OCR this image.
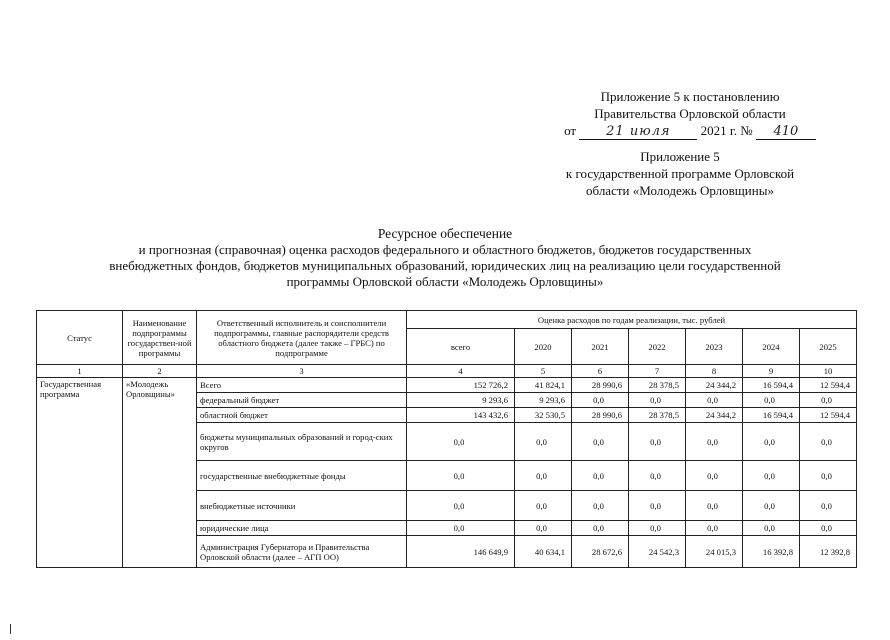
Приложение 5 к постановлению
Правительства Орловской области
от 21 июля 2021 г. № 410
Приложение 5
к государственной программе Орловской
области «Молодежь Орловщины»
Ресурсное обеспечение
и прогнозная (справочная) оценка расходов федерального и областного бюджетов, бюджетов государственных
внебюджетных фондов, бюджетов муниципальных образований, юридических лиц на реализацию цели государственной
программы Орловской области «Молодежь Орловщины»
Статус	Наименование подпрограммы государствен-ной программы	Ответственный исполнитель и соисполнители подпрограммы, главные распорядители средств областного бюджета (далее также – ГРБС) по подпрограмме	Оценка расходов по годам реализации, тыс. рублей						
			всего	2020	2021	2022	2023	2024	2025
1	2	3	4	5	6	7	8	9	10
Государственная программа	«Молодежь Орловщины»	Всего	152 726,2	41 824,1	28 990,6	28 378,5	24 344,2	16 594,4	12 594,4
		федеральный бюджет	9 293,6	9 293,6	0,0	0,0	0,0	0,0	0,0
		областной бюджет	143 432,6	32 530,5	28 990,6	28 378,5	24 344,2	16 594,4	12 594,4
		бюджеты муниципальных образований и город-ских округов	0,0	0,0	0,0	0,0	0,0	0,0	0,0
		государственные внебюджетные фонды	0,0	0,0	0,0	0,0	0,0	0,0	0,0
		внебюджетные источники	0,0	0,0	0,0	0,0	0,0	0,0	0,0
		юридические лица	0,0	0,0	0,0	0,0	0,0	0,0	0,0
		Администрация Губернатора и Правительства Орловской области (далее – АГП ОО)	146 649,9	40 634,1	28 672,6	24 542,3	24 015,3	16 392,8	12 392,8
